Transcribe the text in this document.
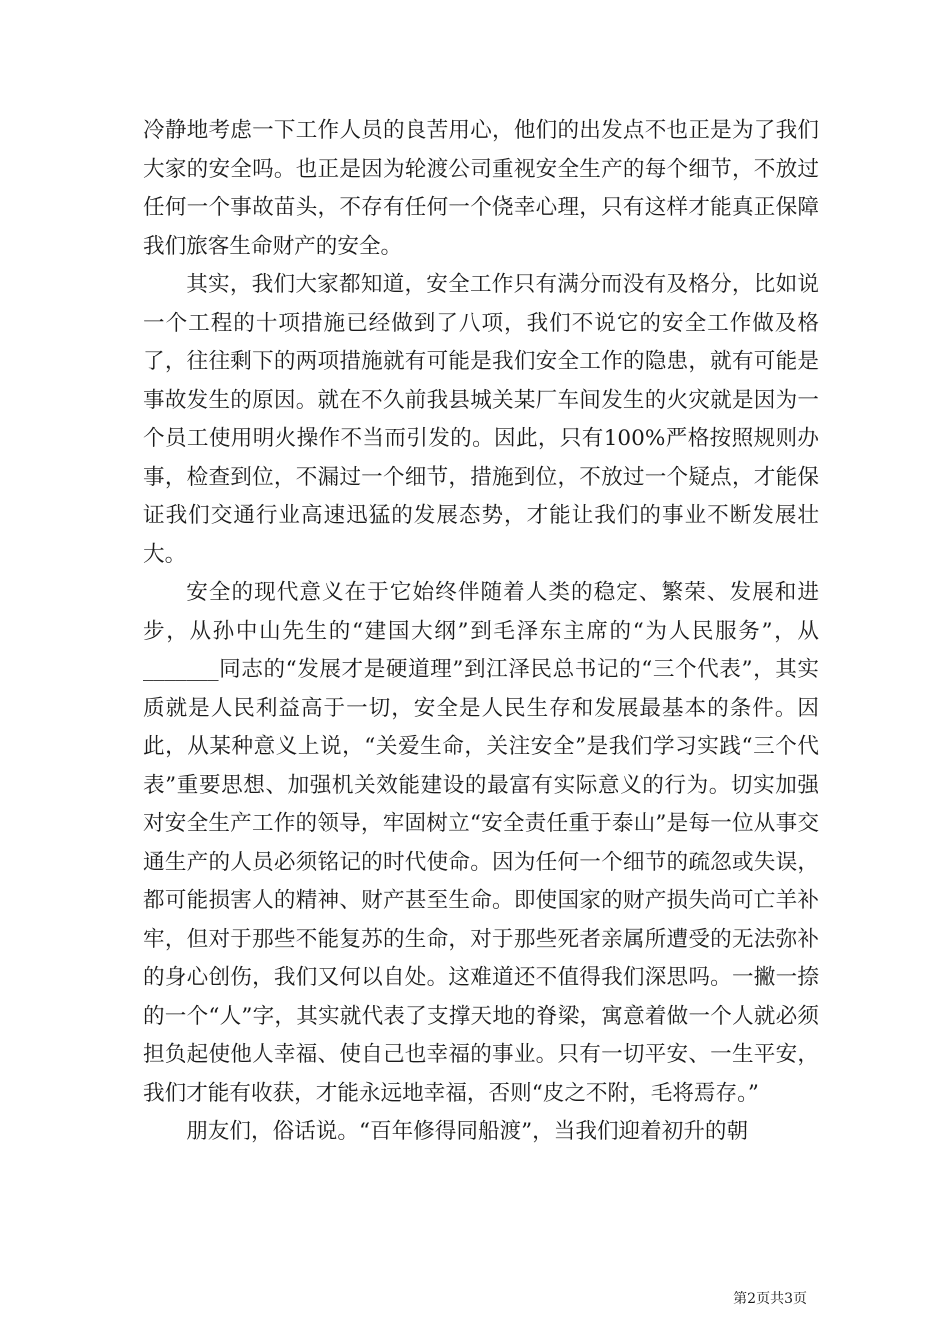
冷静地考虑一下工作人员的良苦用心，他们的出发点不也正是为了我们大家的安全吗。也正是因为轮渡公司重视安全生产的每个细节，不放过任何一个事故苗头，不存有任何一个侥幸心理，只有这样才能真正保障我们旅客生命财产的安全。

其实，我们大家都知道，安全工作只有满分而没有及格分，比如说一个工程的十项措施已经做到了八项，我们不说它的安全工作做及格了，往往剩下的两项措施就有可能是我们安全工作的隐患，就有可能是事故发生的原因。就在不久前我县城关某厂车间发生的火灾就是因为一个员工使用明火操作不当而引发的。因此，只有100%严格按照规则办事，检查到位，不漏过一个细节，措施到位，不放过一个疑点，才能保证我们交通行业高速迅猛的发展态势，才能让我们的事业不断发展壮大。

安全的现代意义在于它始终伴随着人类的稳定、繁荣、发展和进步，从孙中山先生的“建国大纲”到毛泽东主席的“为人民服务”，从_______同志的“发展才是硬道理”到江泽民总书记的“三个代表”，其实质就是人民利益高于一切，安全是人民生存和发展最基本的条件。因此，从某种意义上说，“关爱生命，关注安全”是我们学习实践“三个代表”重要思想、加强机关效能建设的最富有实际意义的行为。切实加强对安全生产工作的领导，牢固树立“安全责任重于泰山”是每一位从事交通生产的人员必须铭记的时代使命。因为任何一个细节的疏忽或失误，都可能损害人的精神、财产甚至生命。即使国家的财产损失尚可亡羊补牢，但对于那些不能复苏的生命，对于那些死者亲属所遭受的无法弥补的身心创伤，我们又何以自处。这难道还不值得我们深思吗。一撇一捺的一个“人”字，其实就代表了支撑天地的脊梁，寓意着做一个人就必须担负起使他人幸福、使自己也幸福的事业。只有一切平安、一生平安，我们才能有收获，才能永远地幸福，否则“皮之不附，毛将焉存。”

朋友们，俗话说。“百年修得同船渡”，当我们迎着初升的朝

第2页共3页
